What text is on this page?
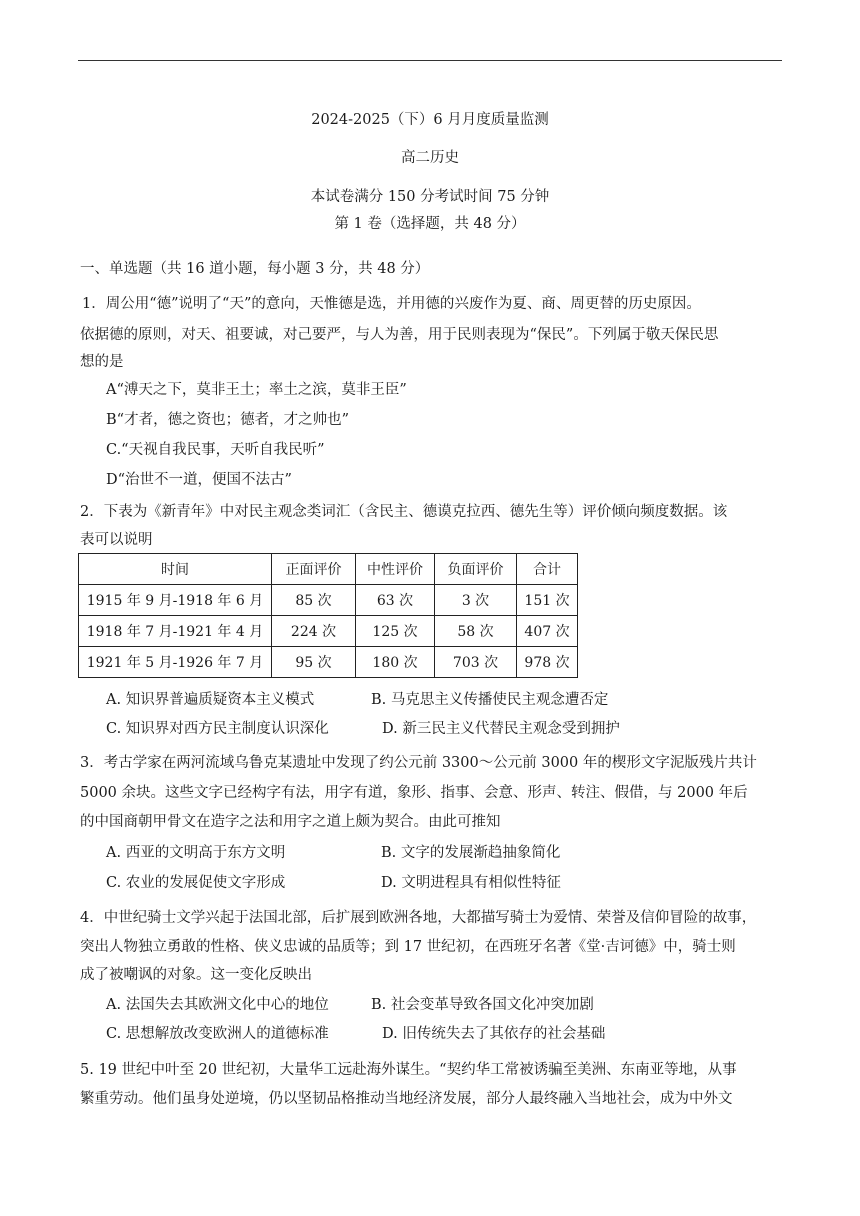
2024-2025（下）6 月月度质量监测
高二历史
本试卷满分 150 分考试时间 75 分钟
第 1 卷（选择题，共 48 分）
一、单选题（共 16 道小题，每小题 3 分，共 48 分）
1．周公用“德”说明了“天”的意向，天惟德是选，并用德的兴废作为夏、商、周更替的历史原因。
依据德的原则，对天、祖要诚，对己要严，与人为善，用于民则表现为“保民”。下列属于敬天保民思
想的是
A“溥天之下，莫非王土；率土之滨，莫非王臣”
B“才者，德之资也；德者，才之帅也”
C.“天视自我民事，天听自我民听”
D“治世不一道，便国不法古”
2．下表为《新青年》中对民主观念类词汇（含民主、德谟克拉西、德先生等）评价倾向频度数据。该
表可以说明
时间	正面评价	中性评价	负面评价	合计
1915 年 9 月-1918 年 6 月	85 次	63 次	3 次	151 次
1918 年 7 月-1921 年 4 月	224 次	125 次	58 次	407 次
1921 年 5 月-1926 年 7 月	95 次	180 次	703 次	978 次
A. 知识界普遍质疑资本主义模式	B. 马克思主义传播使民主观念遭否定
C. 知识界对西方民主制度认识深化	D. 新三民主义代替民主观念受到拥护
3．考古学家在两河流域乌鲁克某遗址中发现了约公元前 3300～公元前 3000 年的楔形文字泥版残片共计
5000 余块。这些文字已经构字有法，用字有道，象形、指事、会意、形声、转注、假借，与 2000 年后
的中国商朝甲骨文在造字之法和用字之道上颇为契合。由此可推知
A. 西亚的文明高于东方文明	B. 文字的发展渐趋抽象简化
C. 农业的发展促使文字形成	D. 文明进程具有相似性特征
4．中世纪骑士文学兴起于法国北部，后扩展到欧洲各地，大都描写骑士为爱情、荣誉及信仰冒险的故事，
突出人物独立勇敢的性格、侠义忠诚的品质等；到 17 世纪初，在西班牙名著《堂·吉诃德》中，骑士则
成了被嘲讽的对象。这一变化反映出
A. 法国失去其欧洲文化中心的地位	B. 社会变革导致各国文化冲突加剧
C. 思想解放改变欧洲人的道德标准	D. 旧传统失去了其依存的社会基础
5. 19 世纪中叶至 20 世纪初，大量华工远赴海外谋生。“契约华工常被诱骗至美洲、东南亚等地，从事
繁重劳动。他们虽身处逆境，仍以坚韧品格推动当地经济发展，部分人最终融入当地社会，成为中外文
